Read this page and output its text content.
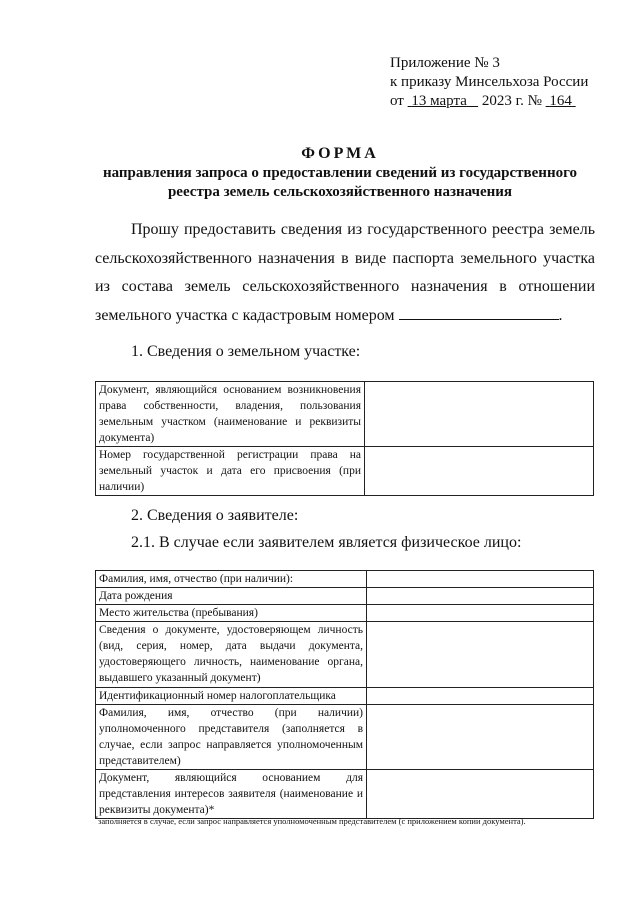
Приложение № 3
к приказу Минсельхоза России
от 13 марта 2023 г. № 164
ФОРМА
направления запроса о предоставлении сведений из государственного
реестра земель сельскохозяйственного назначения

Прошу предоставить сведения из государственного реестра земель сельскохозяйственного назначения в виде паспорта земельного участка из состава земель сельскохозяйственного назначения в отношении земельного участка с кадастровым номером	.

1. Сведения о земельном участке:
Документ, являющийся основанием возникновения права собственности, владения, пользования земельным участком (наименование и реквизиты документа)	
Номер государственной регистрации права на земельный участок и дата его присвоения (при наличии)	
2. Сведения о заявителе:
2.1. В случае если заявителем является физическое лицо:
Фамилия, имя, отчество (при наличии):	
Дата рождения	
Место жительства (пребывания)	
Сведения о документе, удостоверяющем личность (вид, серия, номер, дата выдачи документа, удостоверяющего личность, наименование органа, выдавшего указанный документ)	
Идентификационный номер налогоплательщика	
Фамилия, имя, отчество (при наличии) уполномоченного представителя (заполняется в случае, если запрос направляется уполномоченным представителем)	
Документ, являющийся основанием для представления интересов заявителя (наименование и реквизиты документа)*	
*заполняется в случае, если запрос направляется уполномоченным представителем (с приложением копии документа).
